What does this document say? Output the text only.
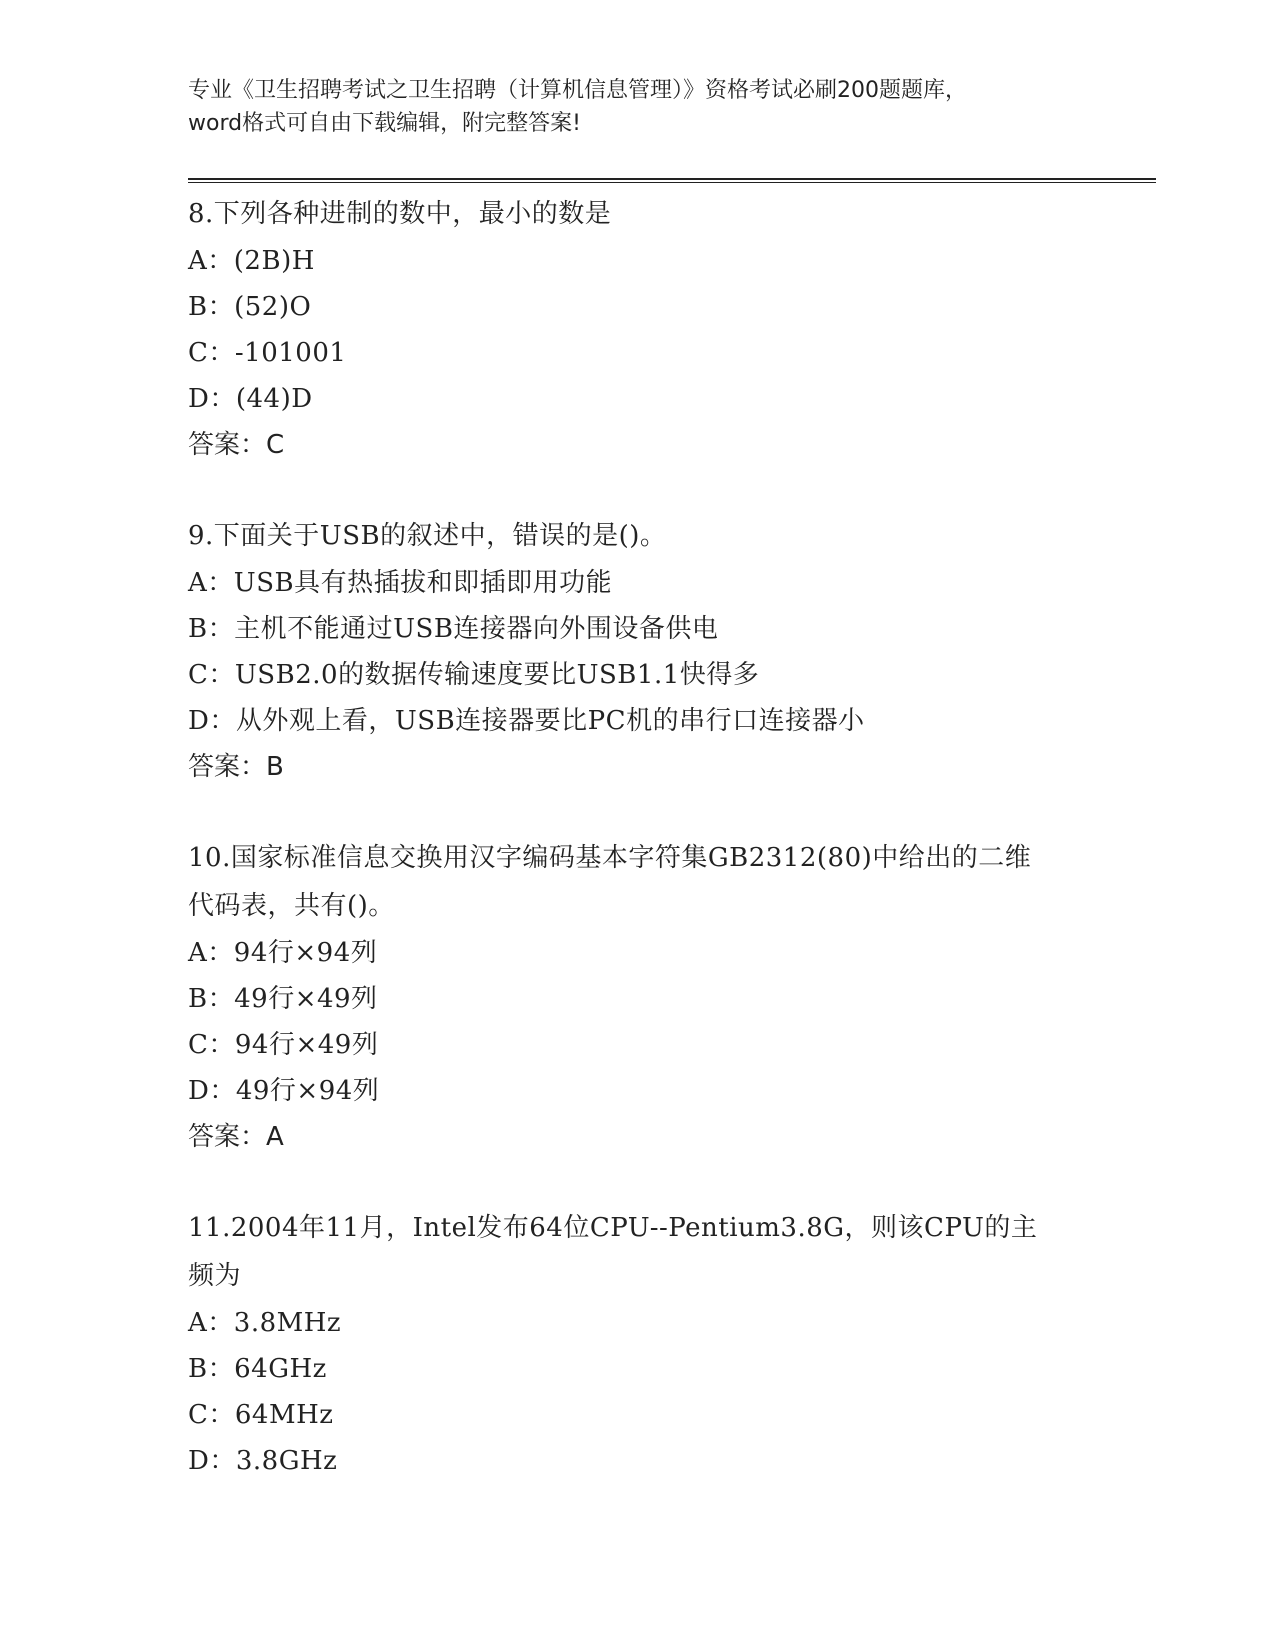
专业《卫生招聘考试之卫生招聘（计算机信息管理）》资格考试必刷200题题库，
word格式可自由下载编辑，附完整答案!

8.下列各种进制的数中，最小的数是

A：(2B)H

B：(52)O

C：-101001

D：(44)D

答案：C

9.下面关于USB的叙述中，错误的是()。

A：USB具有热插拔和即插即用功能

B：主机不能通过USB连接器向外围设备供电

C：USB2.0的数据传输速度要比USB1.1快得多

D：从外观上看，USB连接器要比PC机的串行口连接器小

答案：B

10.国家标准信息交换用汉字编码基本字符集GB2312(80)中给出的二维

代码表，共有()。

A：94行×94列

B：49行×49列

C：94行×49列

D：49行×94列

答案：A

11.2004年11月，Intel发布64位CPU--Pentium3.8G，则该CPU的主

频为

A：3.8MHz

B：64GHz

C：64MHz

D：3.8GHz
